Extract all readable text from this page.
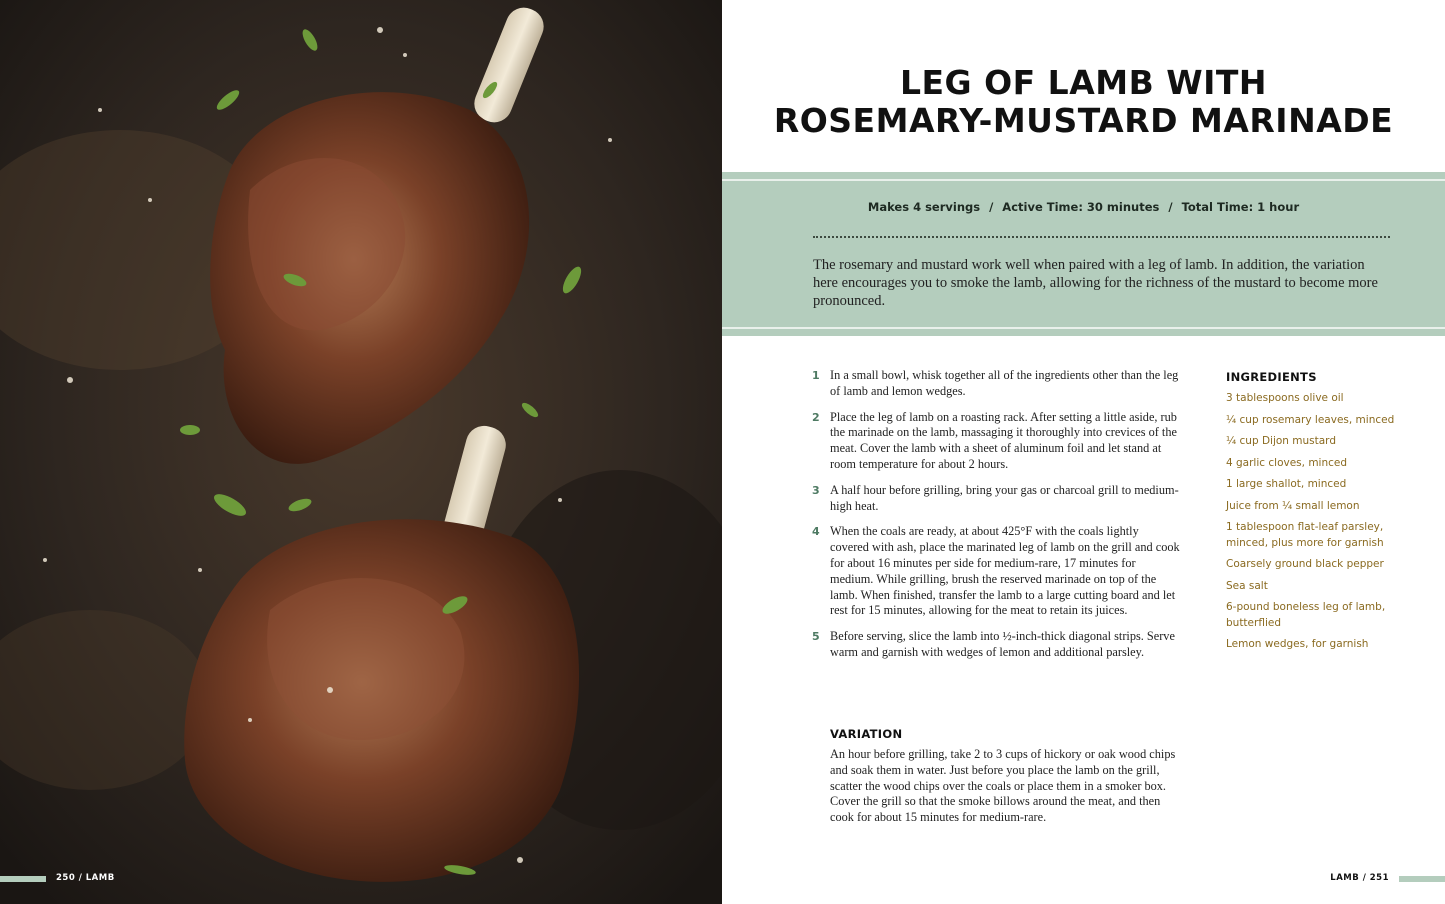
250 / LAMB
LEG OF LAMB WITH
ROSEMARY-MUSTARD MARINADE
Makes 4 servings / Active Time: 30 minutes / Total Time: 1 hour
The rosemary and mustard work well when paired with a leg of lamb. In addition, the variation here encourages you to smoke the lamb, allowing for the richness of the mustard to become more pronounced.
1 In a small bowl, whisk together all of the ingredients other than the leg of lamb and lemon wedges.
2 Place the leg of lamb on a roasting rack. After setting a little aside, rub the marinade on the lamb, massaging it thoroughly into crevices of the meat. Cover the lamb with a sheet of aluminum foil and let stand at room temperature for about 2 hours.
3 A half hour before grilling, bring your gas or charcoal grill to medium-high heat.
4 When the coals are ready, at about 425°F with the coals lightly covered with ash, place the marinated leg of lamb on the grill and cook for about 16 minutes per side for medium-rare, 17 minutes for medium. While grilling, brush the reserved marinade on top of the lamb. When finished, transfer the lamb to a large cutting board and let rest for 15 minutes, allowing for the meat to retain its juices.
5 Before serving, slice the lamb into ½-inch-thick diagonal strips. Serve warm and garnish with wedges of lemon and additional parsley.
VARIATION

An hour before grilling, take 2 to 3 cups of hickory or oak wood chips and soak them in water. Just before you place the lamb on the grill, scatter the wood chips over the coals or place them in a smoker box. Cover the grill so that the smoke billows around the meat, and then cook for about 15 minutes for medium-rare.

INGREDIENTS
3 tablespoons olive oil
¼ cup rosemary leaves, minced
¼ cup Dijon mustard
4 garlic cloves, minced
1 large shallot, minced
Juice from ¼ small lemon
1 tablespoon flat-leaf parsley, minced, plus more for garnish
Coarsely ground black pepper
Sea salt
6-pound boneless leg of lamb, butterflied
Lemon wedges, for garnish
LAMB / 251
